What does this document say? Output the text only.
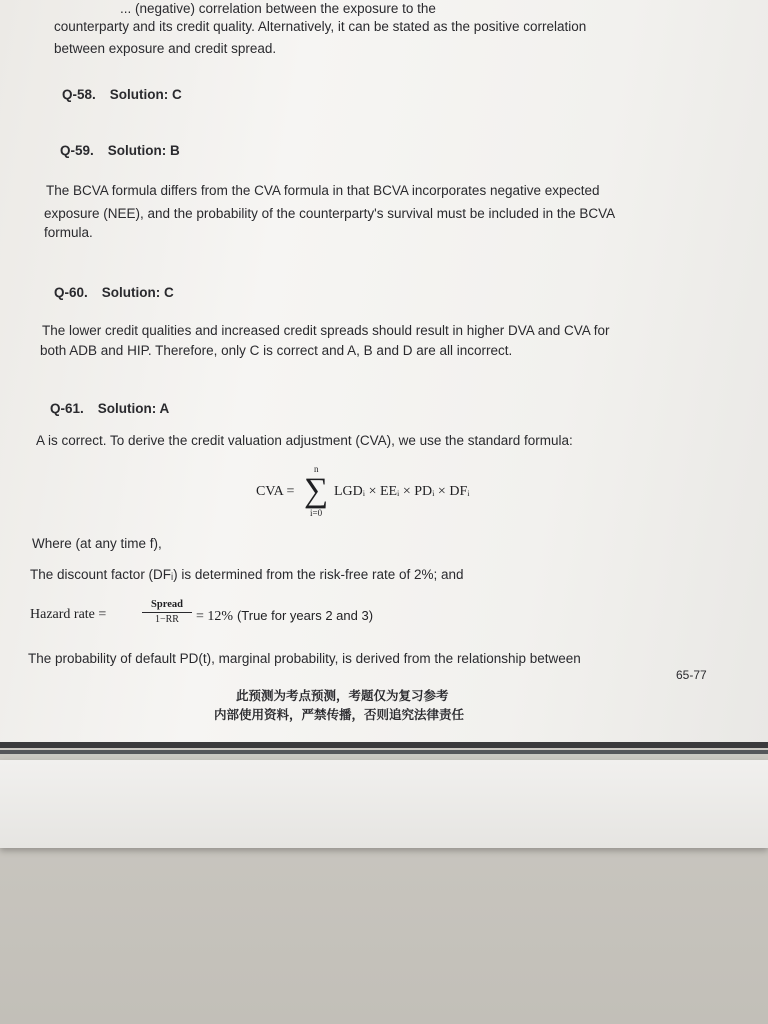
... (negative) correlation between the exposure to the
counterparty and its credit quality. Alternatively, it can be stated as the positive correlation
between exposure and credit spread.
Q-58. Solution: C
Q-59. Solution: B
The BCVA formula differs from the CVA formula in that BCVA incorporates negative expected
exposure (NEE), and the probability of the counterparty's survival must be included in the BCVA
formula.
Q-60. Solution: C
The lower credit qualities and increased credit spreads should result in higher DVA and CVA for
both ADB and HIP. Therefore, only C is correct and A, B and D are all incorrect.
Q-61. Solution: A
A is correct. To derive the credit valuation adjustment (CVA), we use the standard formula:
CVA =
n
∑
i=0
LGDᵢ × EEᵢ × PDᵢ × DFᵢ
Where (at any time f),
The discount factor (DFᵢ) is determined from the risk-free rate of 2%; and
Hazard rate =
Spread
1−RR	= 12% (True for years 2 and 3)
The probability of default PD(t), marginal probability, is derived from the relationship between
65-77
此预测为考点预测，考题仅为复习参考
内部使用资料，严禁传播，否则追究法律责任
